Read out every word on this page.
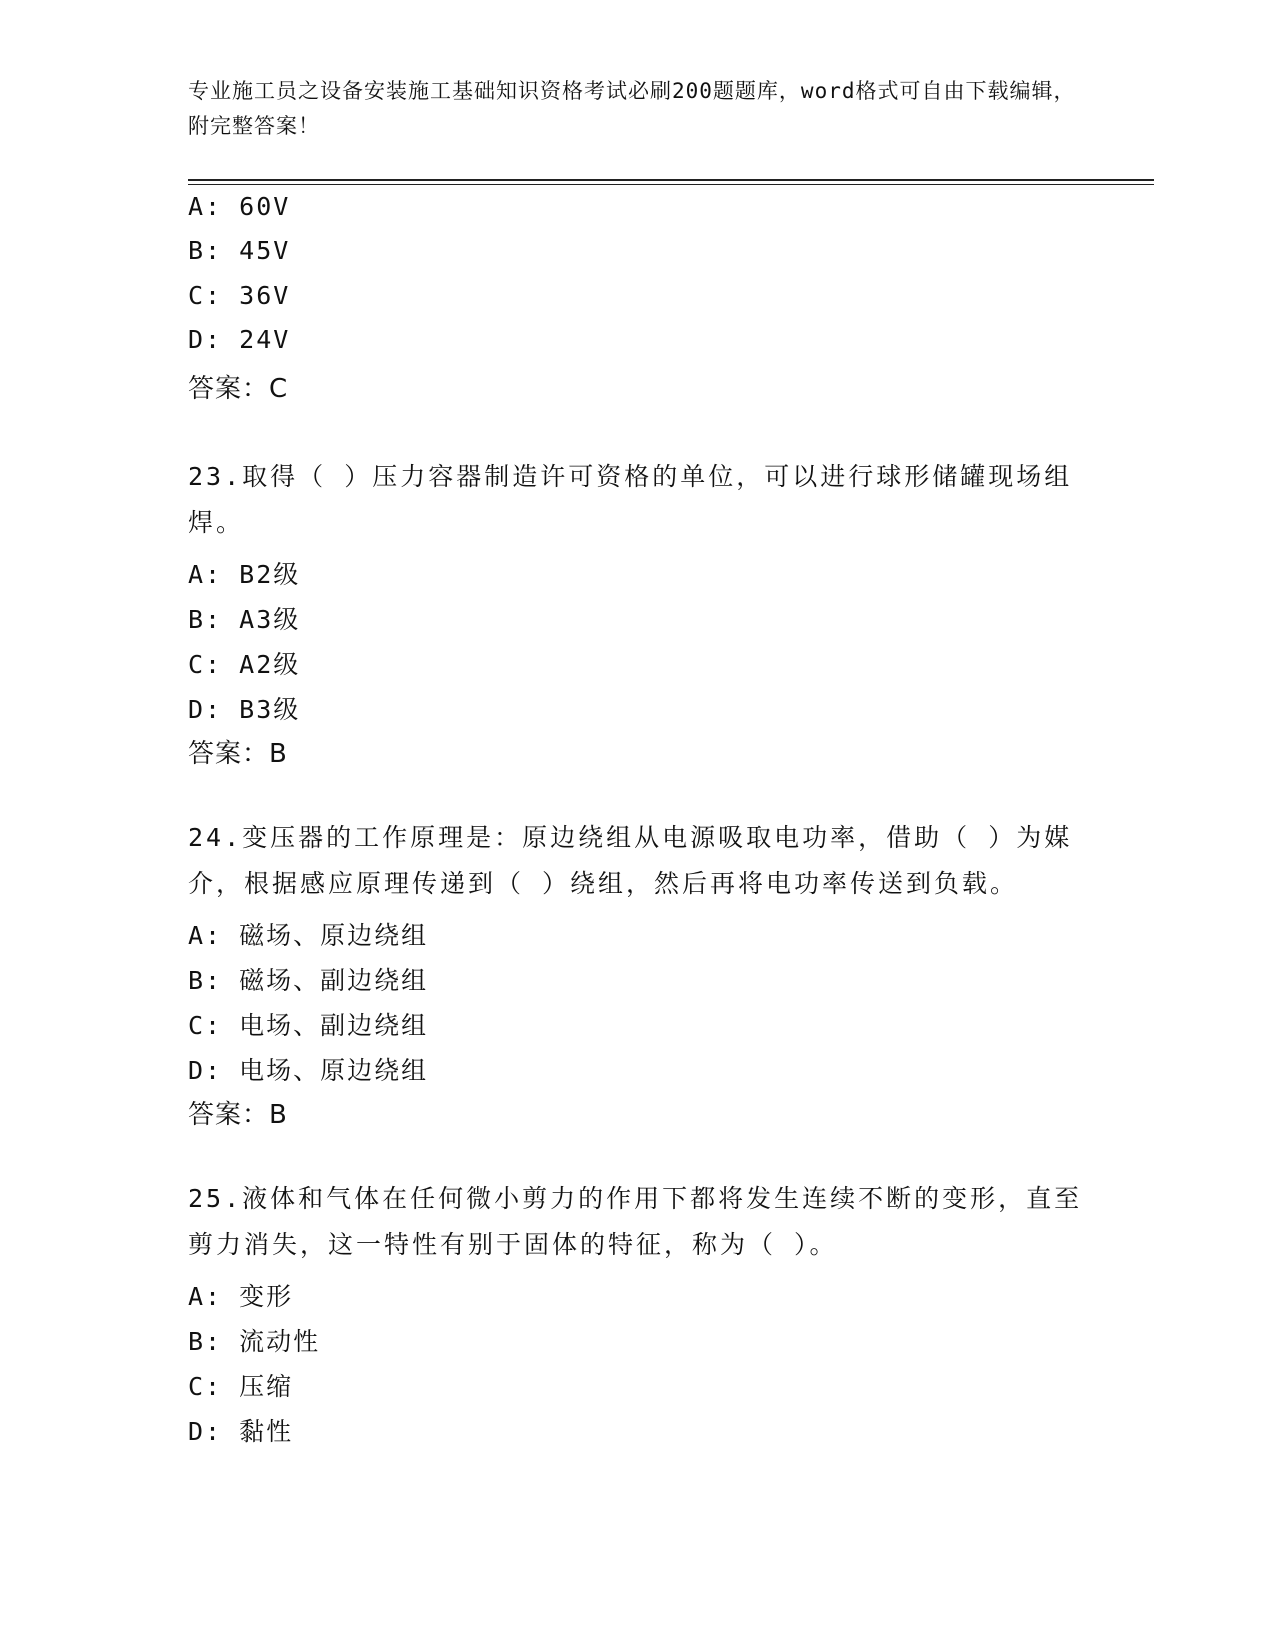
专业施工员之设备安装施工基础知识资格考试必刷200题题库，word格式可自由下载编辑，附完整答案！
A: 60V
B: 45V
C: 36V
D: 24V
答案：C
23.取得（ ）压力容器制造许可资格的单位，可以进行球形储罐现场组焊。
A: B2级
B: A3级
C: A2级
D: B3级
答案：B
24.变压器的工作原理是：原边绕组从电源吸取电功率，借助（ ）为媒介，根据感应原理传递到（ ）绕组，然后再将电功率传送到负载。
A: 磁场、原边绕组
B: 磁场、副边绕组
C: 电场、副边绕组
D: 电场、原边绕组
答案：B
25.液体和气体在任何微小剪力的作用下都将发生连续不断的变形，直至剪力消失，这一特性有别于固体的特征，称为（ ）。
A: 变形
B: 流动性
C: 压缩
D: 黏性
